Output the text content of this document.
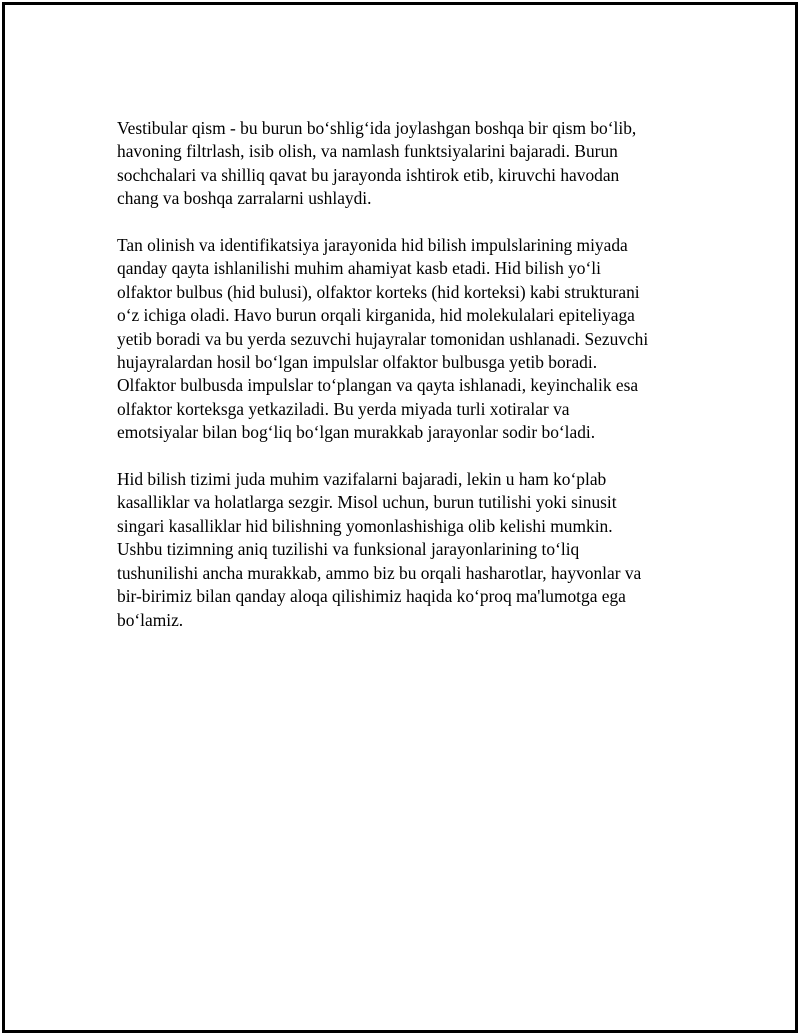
Vestibular qism - bu burun bo‘shlig‘ida joylashgan boshqa bir qism bo‘lib,
havoning filtrlash, isib olish, va namlash funktsiyalarini bajaradi. Burun
sochchalari va shilliq qavat bu jarayonda ishtirok etib, kiruvchi havodan
chang va boshqa zarralarni ushlaydi.

Tan olinish va identifikatsiya jarayonida hid bilish impulslarining miyada
qanday qayta ishlanilishi muhim ahamiyat kasb etadi. Hid bilish yo‘li
olfaktor bulbus (hid bulusi), olfaktor korteks (hid korteksi) kabi strukturani
o‘z ichiga oladi. Havo burun orqali kirganida, hid molekulalari epiteliyaga
yetib boradi va bu yerda sezuvchi hujayralar tomonidan ushlanadi. Sezuvchi
hujayralardan hosil bo‘lgan impulslar olfaktor bulbusga yetib boradi.
Olfaktor bulbusda impulslar to‘plangan va qayta ishlanadi, keyinchalik esa
olfaktor korteksga yetkaziladi. Bu yerda miyada turli xotiralar va
emotsiyalar bilan bog‘liq bo‘lgan murakkab jarayonlar sodir bo‘ladi.

Hid bilish tizimi juda muhim vazifalarni bajaradi, lekin u ham ko‘plab
kasalliklar va holatlarga sezgir. Misol uchun, burun tutilishi yoki sinusit
singari kasalliklar hid bilishning yomonlashishiga olib kelishi mumkin.
Ushbu tizimning aniq tuzilishi va funksional jarayonlarining to‘liq
tushunilishi ancha murakkab, ammo biz bu orqali hasharotlar, hayvonlar va
bir-birimiz bilan qanday aloqa qilishimiz haqida ko‘proq ma'lumotga ega
bo‘lamiz.
